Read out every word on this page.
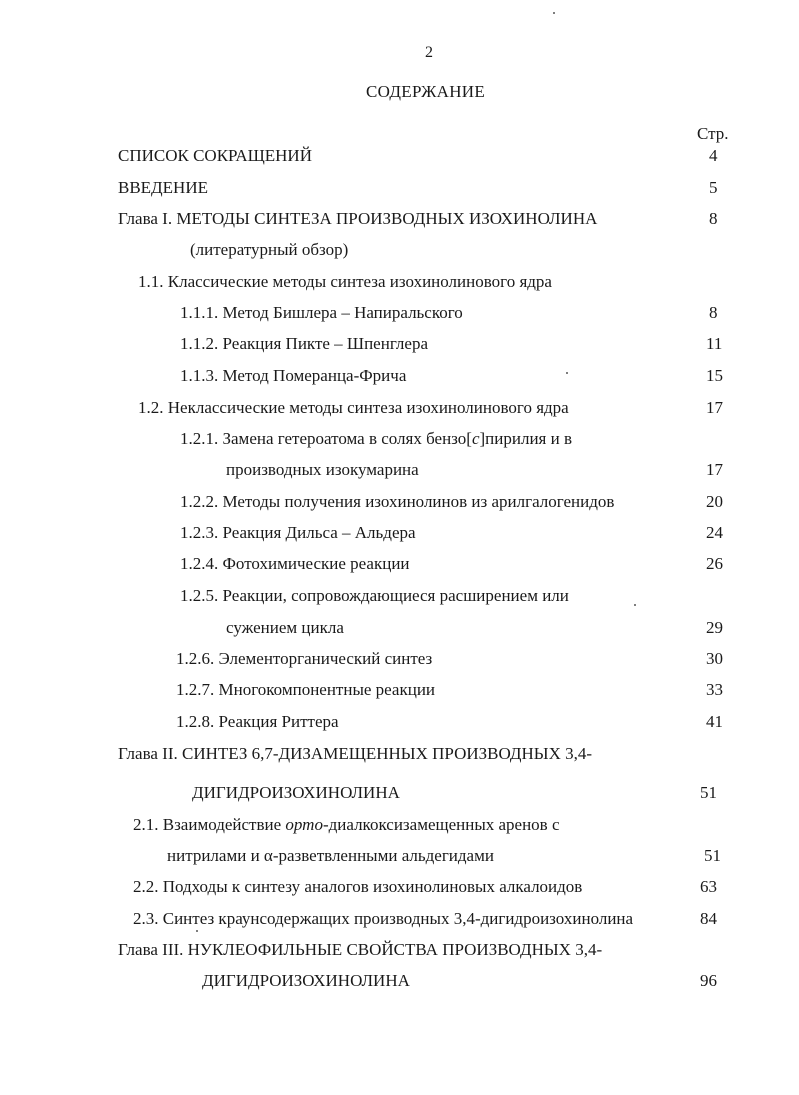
2
СОДЕРЖАНИЕ
Стр.
СПИСОК СОКРАЩЕНИЙ	4
ВВЕДЕНИЕ	5
Глава I. МЕТОДЫ СИНТЕЗА ПРОИЗВОДНЫХ ИЗОХИНОЛИНА	8
(литературный обзор)
1.1. Классические методы синтеза изохинолинового ядра
1.1.1. Метод Бишлера – Напиральского	8
1.1.2. Реакция Пикте – Шпенглера	11
1.1.3. Метод Померанца-Фрича	15
1.2. Неклассические методы синтеза изохинолинового ядра	17
1.2.1. Замена гетероатома в солях бензо[c]пирилия и в
производных изокумарина	17
1.2.2. Методы получения изохинолинов из арилгалогенидов	20
1.2.3. Реакция Дильса – Альдера	24
1.2.4. Фотохимические реакции	26
1.2.5. Реакции, сопровождающиеся расширением или
сужением цикла	29
1.2.6. Элементорганический синтез	30
1.2.7. Многокомпонентные реакции	33
1.2.8. Реакция Риттера	41
Глава II. СИНТЕЗ 6,7-ДИЗАМЕЩЕННЫХ ПРОИЗВОДНЫХ 3,4-
ДИГИДРОИЗОХИНОЛИНА	51
2.1. Взаимодействие орто-диалкоксизамещенных аренов с
нитрилами и α-разветвленными альдегидами	51
2.2. Подходы к синтезу аналогов изохинолиновых алкалоидов	63
2.3. Синтез краунсодержащих производных 3,4-дигидроизохинолина	84
Глава III. НУКЛЕОФИЛЬНЫЕ СВОЙСТВА ПРОИЗВОДНЫХ 3,4-
ДИГИДРОИЗОХИНОЛИНА	96
